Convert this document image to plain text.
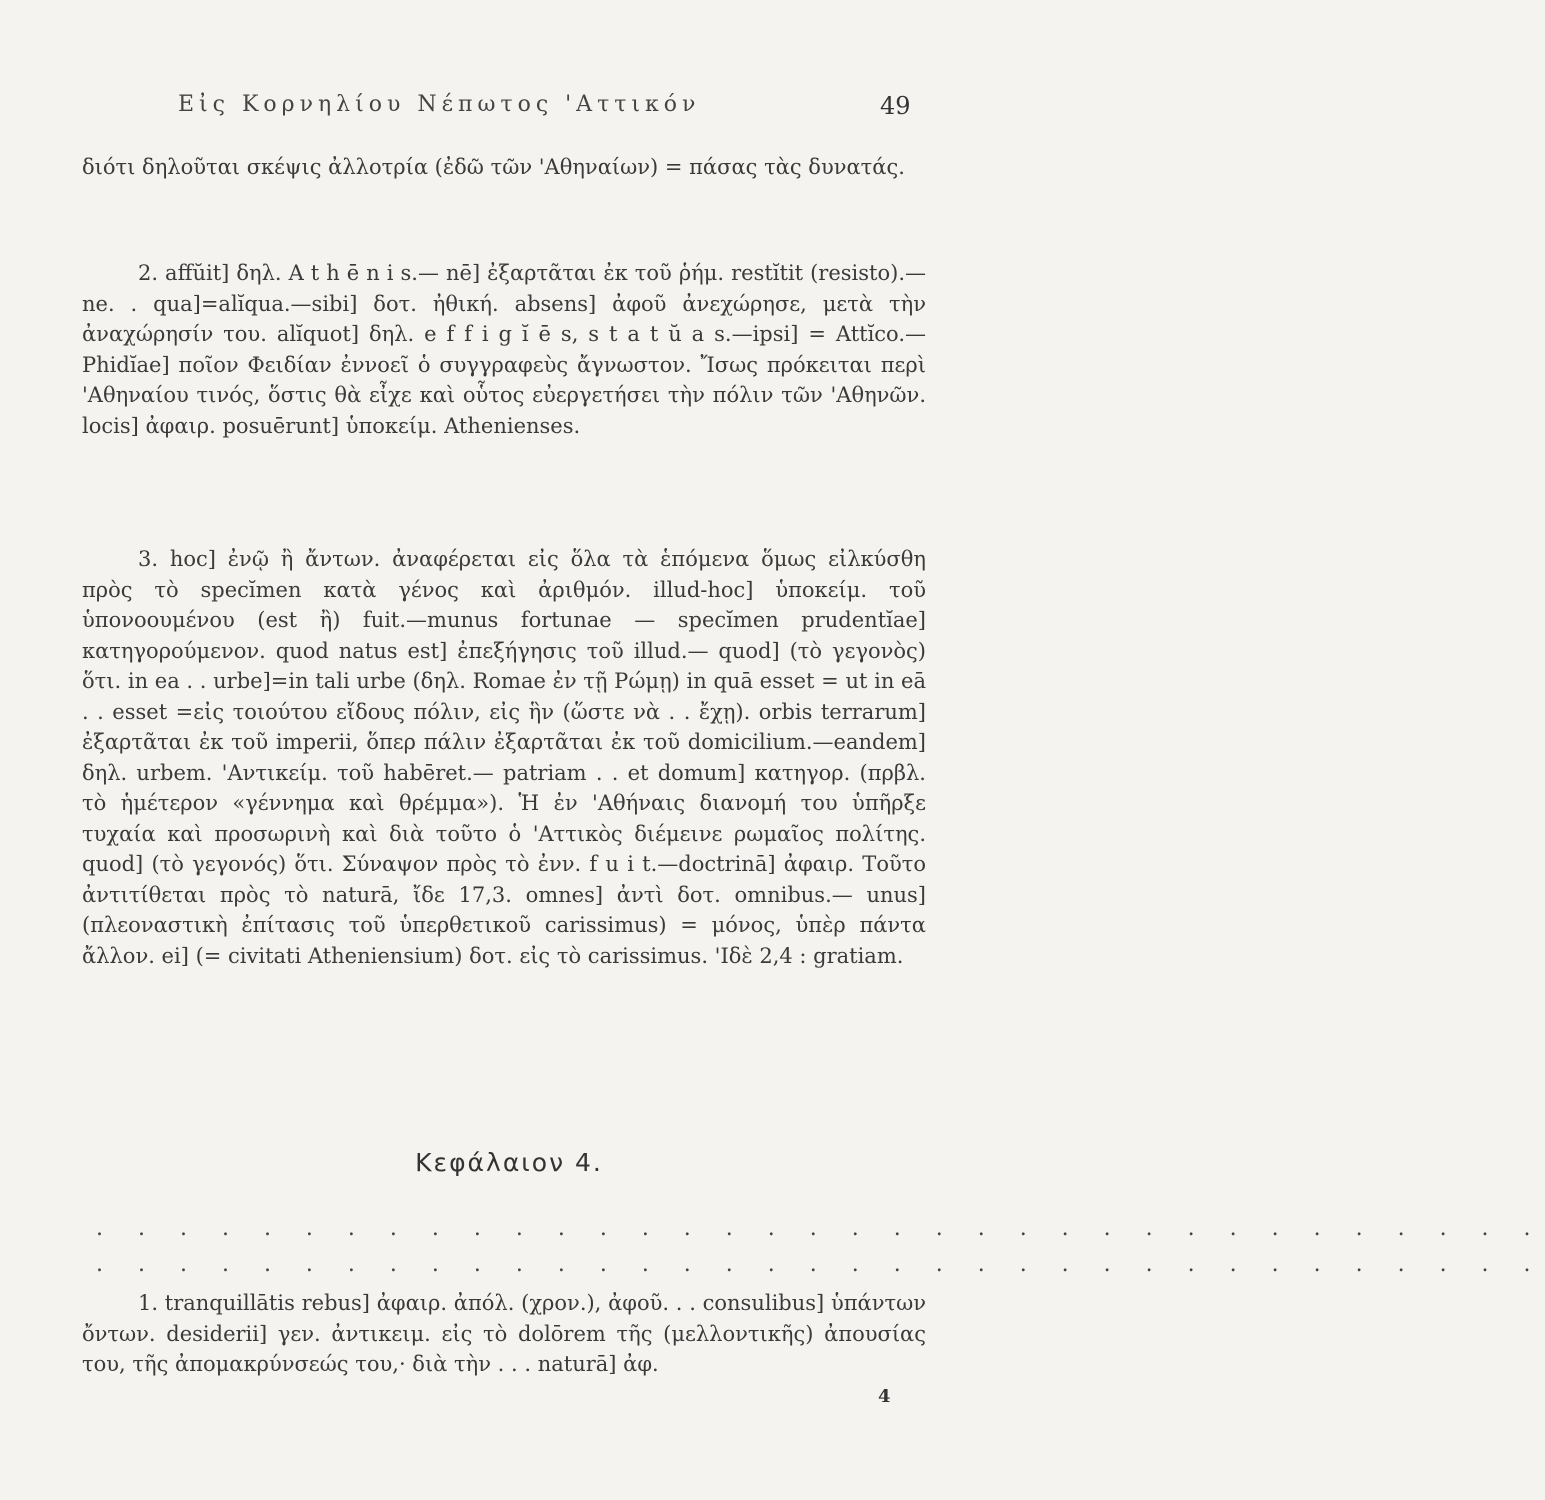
Εἰς Κορνηλίου Νέπωτος 'Αττικόν	49

διότι δηλοῦται σκέψις ἀλλοτρία (ἐδῶ τῶν 'Αθηναίων) = πάσας τὰς δυνατάς.

2. affŭit] δηλ. A t h ē n i s.— nē] ἐξαρτᾶται ἐκ τοῦ ῥήμ. restĭtit (resisto).—ne. . qua]=alĭqua.—sibi] δοτ. ἠθική. absens] ἀφοῦ ἀνεχώρησε, μετὰ τὴν ἀναχώρησίν του. alĭquot] δηλ. e f f i g ĭ ē s, s t a t ŭ a s.—ipsi] = Attĭco.—Phidĭae] ποῖον Φειδίαν ἐννοεῖ ὁ συγγραφεὺς ἄγνωστον. Ἴσως πρόκειται περὶ 'Αθηναίου τινός, ὅστις θὰ εἶχε καὶ οὗτος εὐεργετήσει τὴν πόλιν τῶν 'Αθηνῶν. locis] ἀφαιρ. posuērunt] ὑποκείμ. Athenienses.

3. hoc] ἐνῷ ἢ ἄντων. ἀναφέρεται εἰς ὅλα τὰ ἑπόμενα ὅμως εἰλκύσθη πρὸς τὸ specĭmen κατὰ γένος καὶ ἀριθμόν. illud-hoc] ὑποκείμ. τοῦ ὑπονοουμένου (est ἢ) fuit.—munus fortunae — specĭmen prudentĭae] κατηγορούμενον. quod natus est] ἐπεξήγησις τοῦ illud.— quod] (τὸ γεγονὸς) ὅτι. in ea . . urbe]=in tali urbe (δηλ. Romae ἐν τῇ Ρώμῃ) in quā esset = ut in eā . . esset =εἰς τοιούτου εἴδους πόλιν, εἰς ἣν (ὥστε νὰ . . ἔχῃ). orbis terrarum] ἐξαρτᾶται ἐκ τοῦ imperii, ὅπερ πάλιν ἐξαρτᾶται ἐκ τοῦ domicilium.—eandem] δηλ. urbem. 'Αντικείμ. τοῦ habēret.— patriam . . et domum] κατηγορ. (πρβλ. τὸ ἡμέτερον «γέννημα καὶ θρέμμα»). Ἡ ἐν 'Αθήναις διανομή του ὑπῆρξε τυχαία καὶ προσωρινὴ καὶ διὰ τοῦτο ὁ 'Αττικὸς διέμεινε ρωμαῖος πολίτης. quod] (τὸ γεγονός) ὅτι. Σύναψον πρὸς τὸ ἐνν. f u i t.—doctrinā] ἀφαιρ. Τοῦτο ἀντιτίθεται πρὸς τὸ naturā, ἴδε 17,3. omnes] ἀντὶ δοτ. omnibus.— unus] (πλεοναστικὴ ἐπίτασις τοῦ ὑπερθετικοῦ carissimus) = μόνος, ὑπὲρ πάντα ἄλλον. ei] (= civitati Atheniensium) δοτ. εἰς τὸ carissimus. 'Ιδὲ 2,4 : gratiam.

Κεφάλαιον 4.
. . . . . . . . . . . . . . . . . . . . . . . . . . . . . . . . . . .
. . . . . . . . . . . . . . . . . . . . . . . . . . . . . . . . . . .

1. tranquillātis rebus] ἀφαιρ. ἀπόλ. (χρον.), ἀφοῦ. . . consulibus] ὑπάντων ὄντων. desiderii] γεν. ἀντικειμ. εἰς τὸ dolōrem τῆς (μελλοντικῆς) ἀπουσίας του, τῆς ἀπομακρύνσεώς του,· διὰ τὴν . . . naturā] ἀφ.

4
